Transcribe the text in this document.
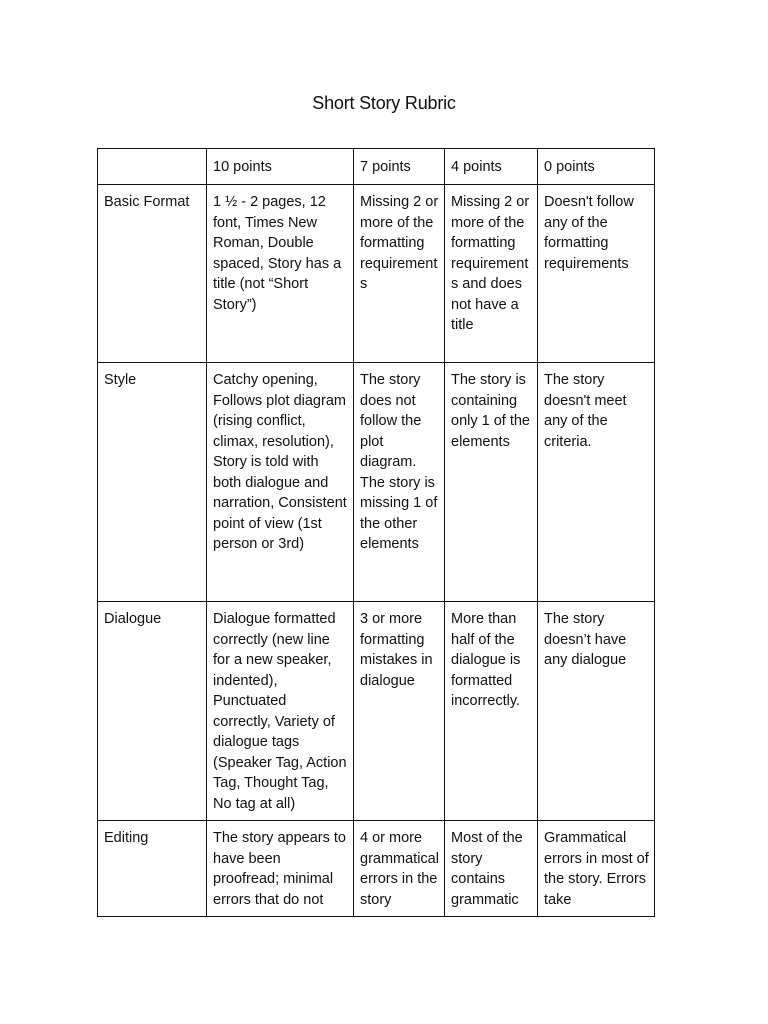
Short Story Rubric
	10 points	7 points	4 points	0 points
Basic Format	1 ½ - 2 pages, 12 font, Times New Roman, Double spaced, Story has a title (not “Short Story”)	Missing 2 or more of the formatting requirements	Missing 2 or more of the formatting requirements and does not have a title	Doesn't follow any of the formatting requirements
Style	Catchy opening, Follows plot diagram (rising conflict, climax, resolution), Story is told with both dialogue and narration, Consistent point of view (1st person or 3rd)	The story does not follow the plot diagram. The story is missing 1 of the other elements	The story is containing only 1 of the elements	The story doesn't meet any of the criteria.
Dialogue	Dialogue formatted correctly (new line for a new speaker, indented), Punctuated correctly, Variety of dialogue tags (Speaker Tag, Action Tag, Thought Tag, No tag at all)	3 or more formatting mistakes in dialogue	More than half of the dialogue is formatted incorrectly.	The story doesn’t have any dialogue
Editing	The story appears to have been proofread; minimal errors that do not	4 or more grammatical errors in the story	Most of the story contains grammatic	Grammatical errors in most of the story. Errors take
